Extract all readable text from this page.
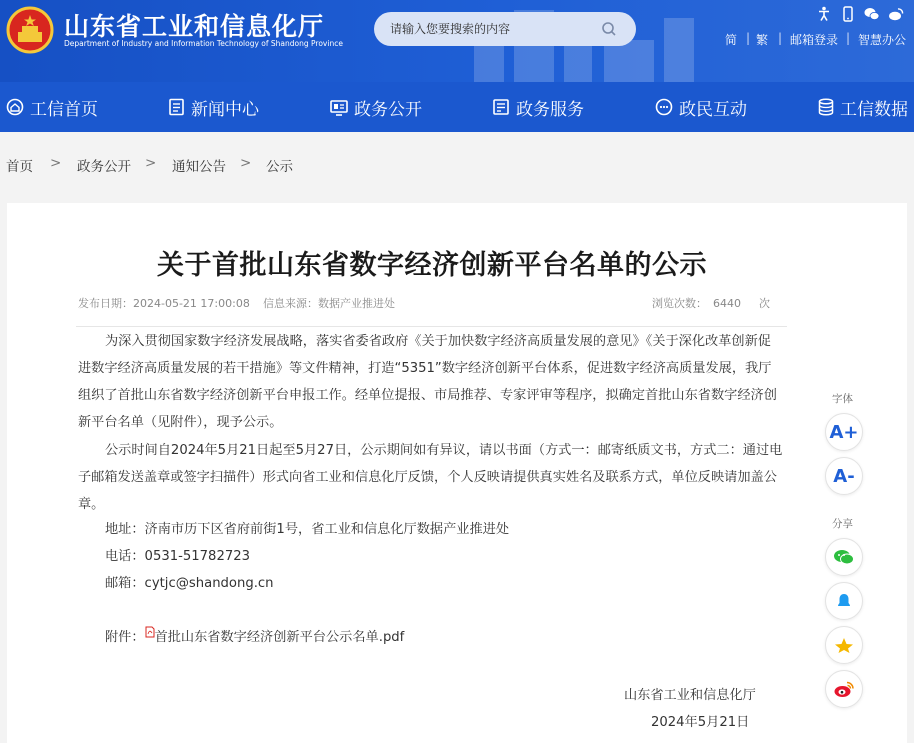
山东省工业和信息化厅
Department of Industry and Information Technology of Shandong Province
请输入您要搜索的内容	简 | 繁 | 邮箱登录 | 智慧办公
工信首页	新闻中心	政务公开	政务服务	政民互动	工信数据
首页 > 政务公开 > 通知公告 > 公示
关于首批山东省数字经济创新平台名单的公示
发布日期：2024-05-21 17:00:08 信息来源：数据产业推进处	浏览次数： 6440 次

为深入贯彻国家数字经济发展战略，落实省委省政府《关于加快数字经济高质量发展的意见》《关于深化改革创新促进数字经济高质量发展的若干措施》等文件精神，打造“5351”数字经济创新平台体系，促进数字经济高质量发展，我厅组织了首批山东省数字经济创新平台申报工作。经单位提报、市局推荐、专家评审等程序，拟确定首批山东省数字经济创新平台名单（见附件），现予公示。

公示时间自2024年5月21日起至5月27日，公示期间如有异议，请以书面（方式一：邮寄纸质文书，方式二：通过电子邮箱发送盖章或签字扫描件）形式向省工业和信息化厅反馈，个人反映请提供真实姓名及联系方式，单位反映请加盖公章。

地址：济南市历下区省府前街1号，省工业和信息化厅数据产业推进处
电话：0531-51782723
邮箱：cytjc@shandong.cn
附件： 首批山东省数字经济创新平台公示名单.pdf
山东省工业和信息化厅
2024年5月21日
字体
A+
A-
分享
